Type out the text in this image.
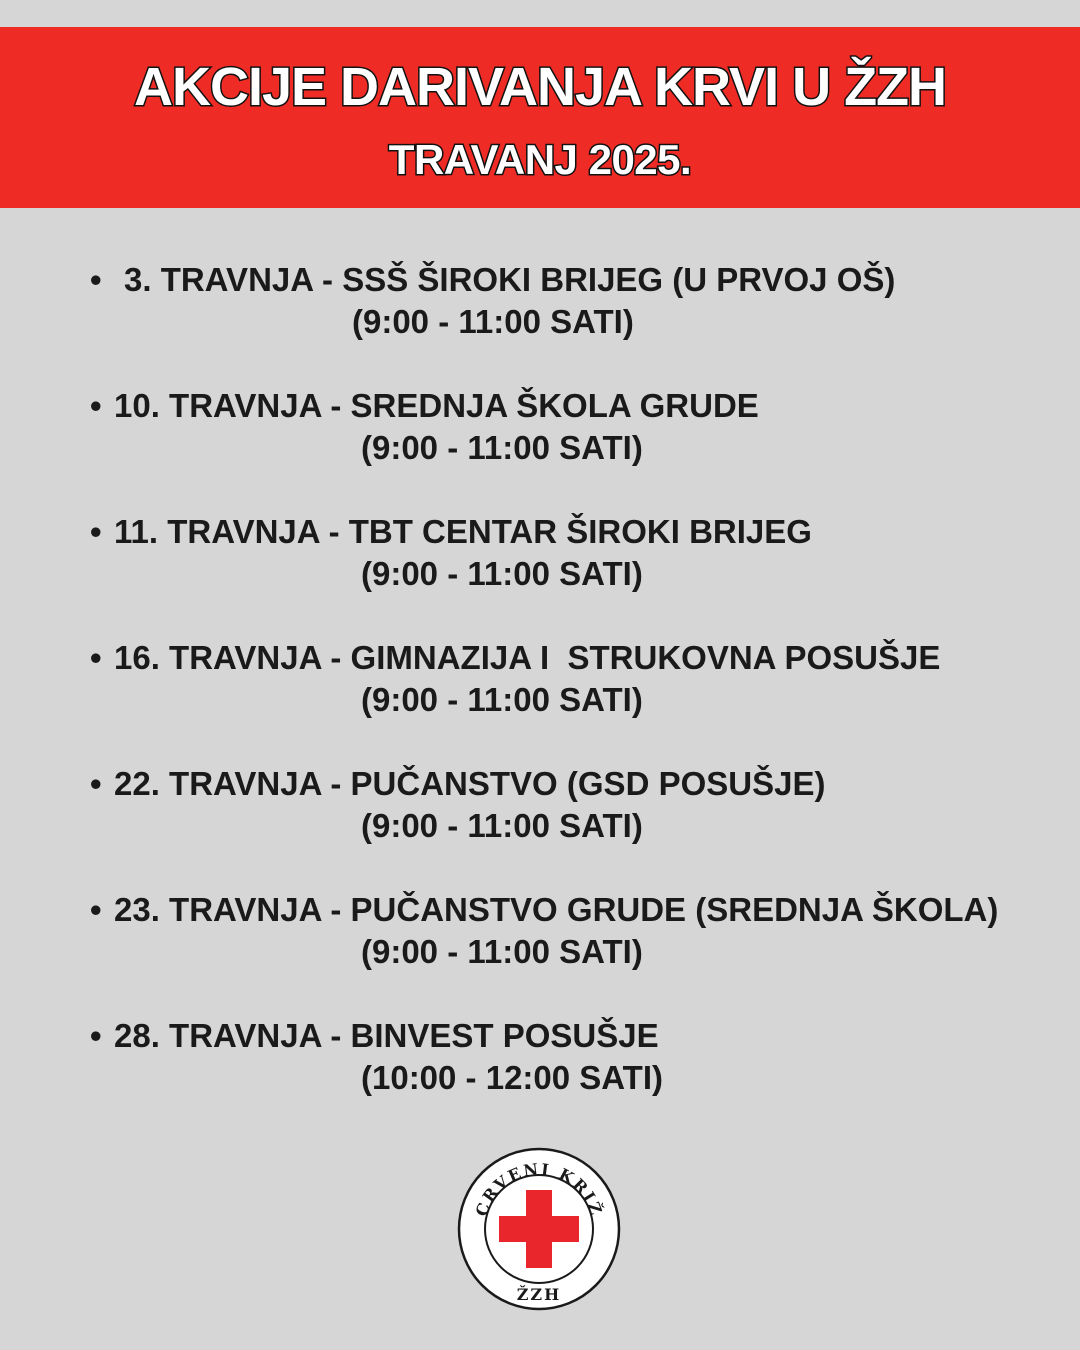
AKCIJE DARIVANJA KRVI U ŽZH
TRAVANJ 2025.
• 3. TRAVNJA - SSŠ ŠIROKI BRIJEG (U PRVOJ OŠ)
(9:00 - 11:00 SATI)
• 10. TRAVNJA - SREDNJA ŠKOLA GRUDE
(9:00 - 11:00 SATI)
• 11. TRAVNJA - TBT CENTAR ŠIROKI BRIJEG
(9:00 - 11:00 SATI)
• 16. TRAVNJA - GIMNAZIJA I  STRUKOVNA POSUŠJE
(9:00 - 11:00 SATI)
• 22. TRAVNJA - PUČANSTVO (GSD POSUŠJE)
(9:00 - 11:00 SATI)
• 23. TRAVNJA - PUČANSTVO GRUDE (SREDNJA ŠKOLA)
(9:00 - 11:00 SATI)
• 28. TRAVNJA - BINVEST POSUŠJE
(10:00 - 12:00 SATI)
CRVENI KRIŽ
ŽZH
